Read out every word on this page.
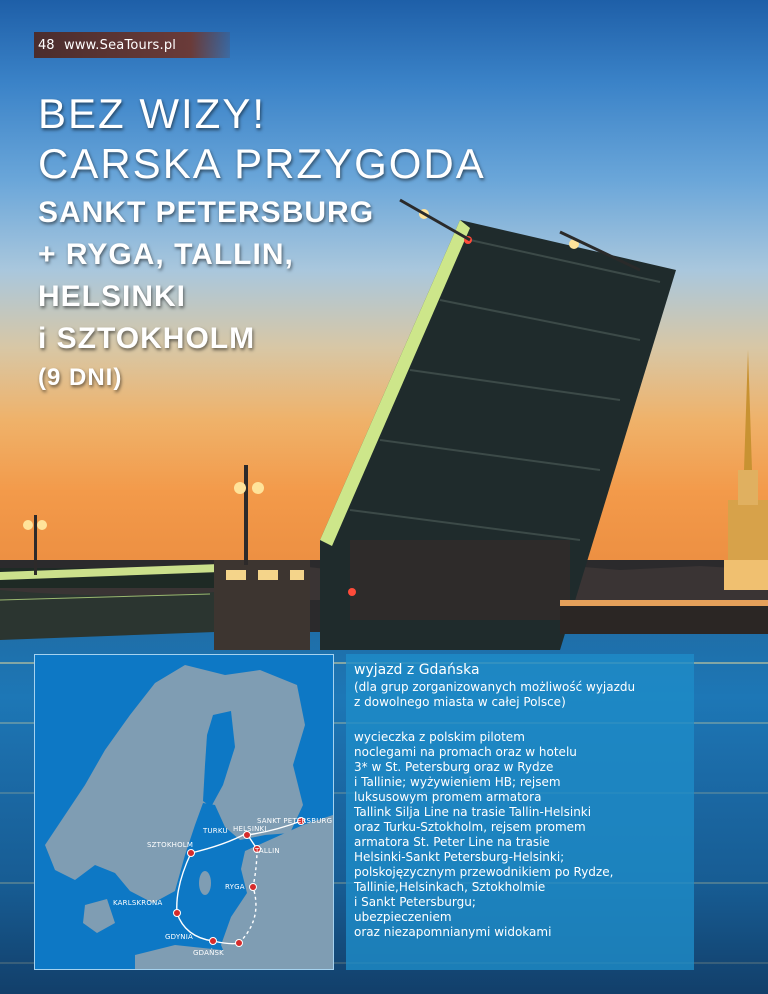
48 www.SeaTours.pl
BEZ WIZY!
CARSKA PRZYGODA
SANKT PETERSBURG
+ RYGA, TALLIN,
HELSINKI
i SZTOKHOLM
(9 DNI)
SANKT PETERSBURG
TURKU HELSINKI
SZTOKHOLM
TALLIN
RYGA
KARLSKRONA
GDYNIA
GDAŃSK

wyjazd z Gdańska

(dla grup zorganizowanych możliwość wyjazdu
z dowolnego miasta w całej Polsce)

wycieczka z polskim pilotem

noclegami na promach oraz w hotelu

3* w St. Petersburg oraz w Rydze

i Tallinie; wyżywieniem HB; rejsem

luksusowym promem armatora

Tallink Silja Line na trasie Tallin-Helsinki

oraz Turku-Sztokholm, rejsem promem

armatora St. Peter Line na trasie

Helsinki-Sankt Petersburg-Helsinki;

polskojęzycznym przewodnikiem po Rydze,

Tallinie,Helsinkach, Sztokholmie

i Sankt Petersburgu;

ubezpieczeniem

oraz niezapomnianymi widokami
